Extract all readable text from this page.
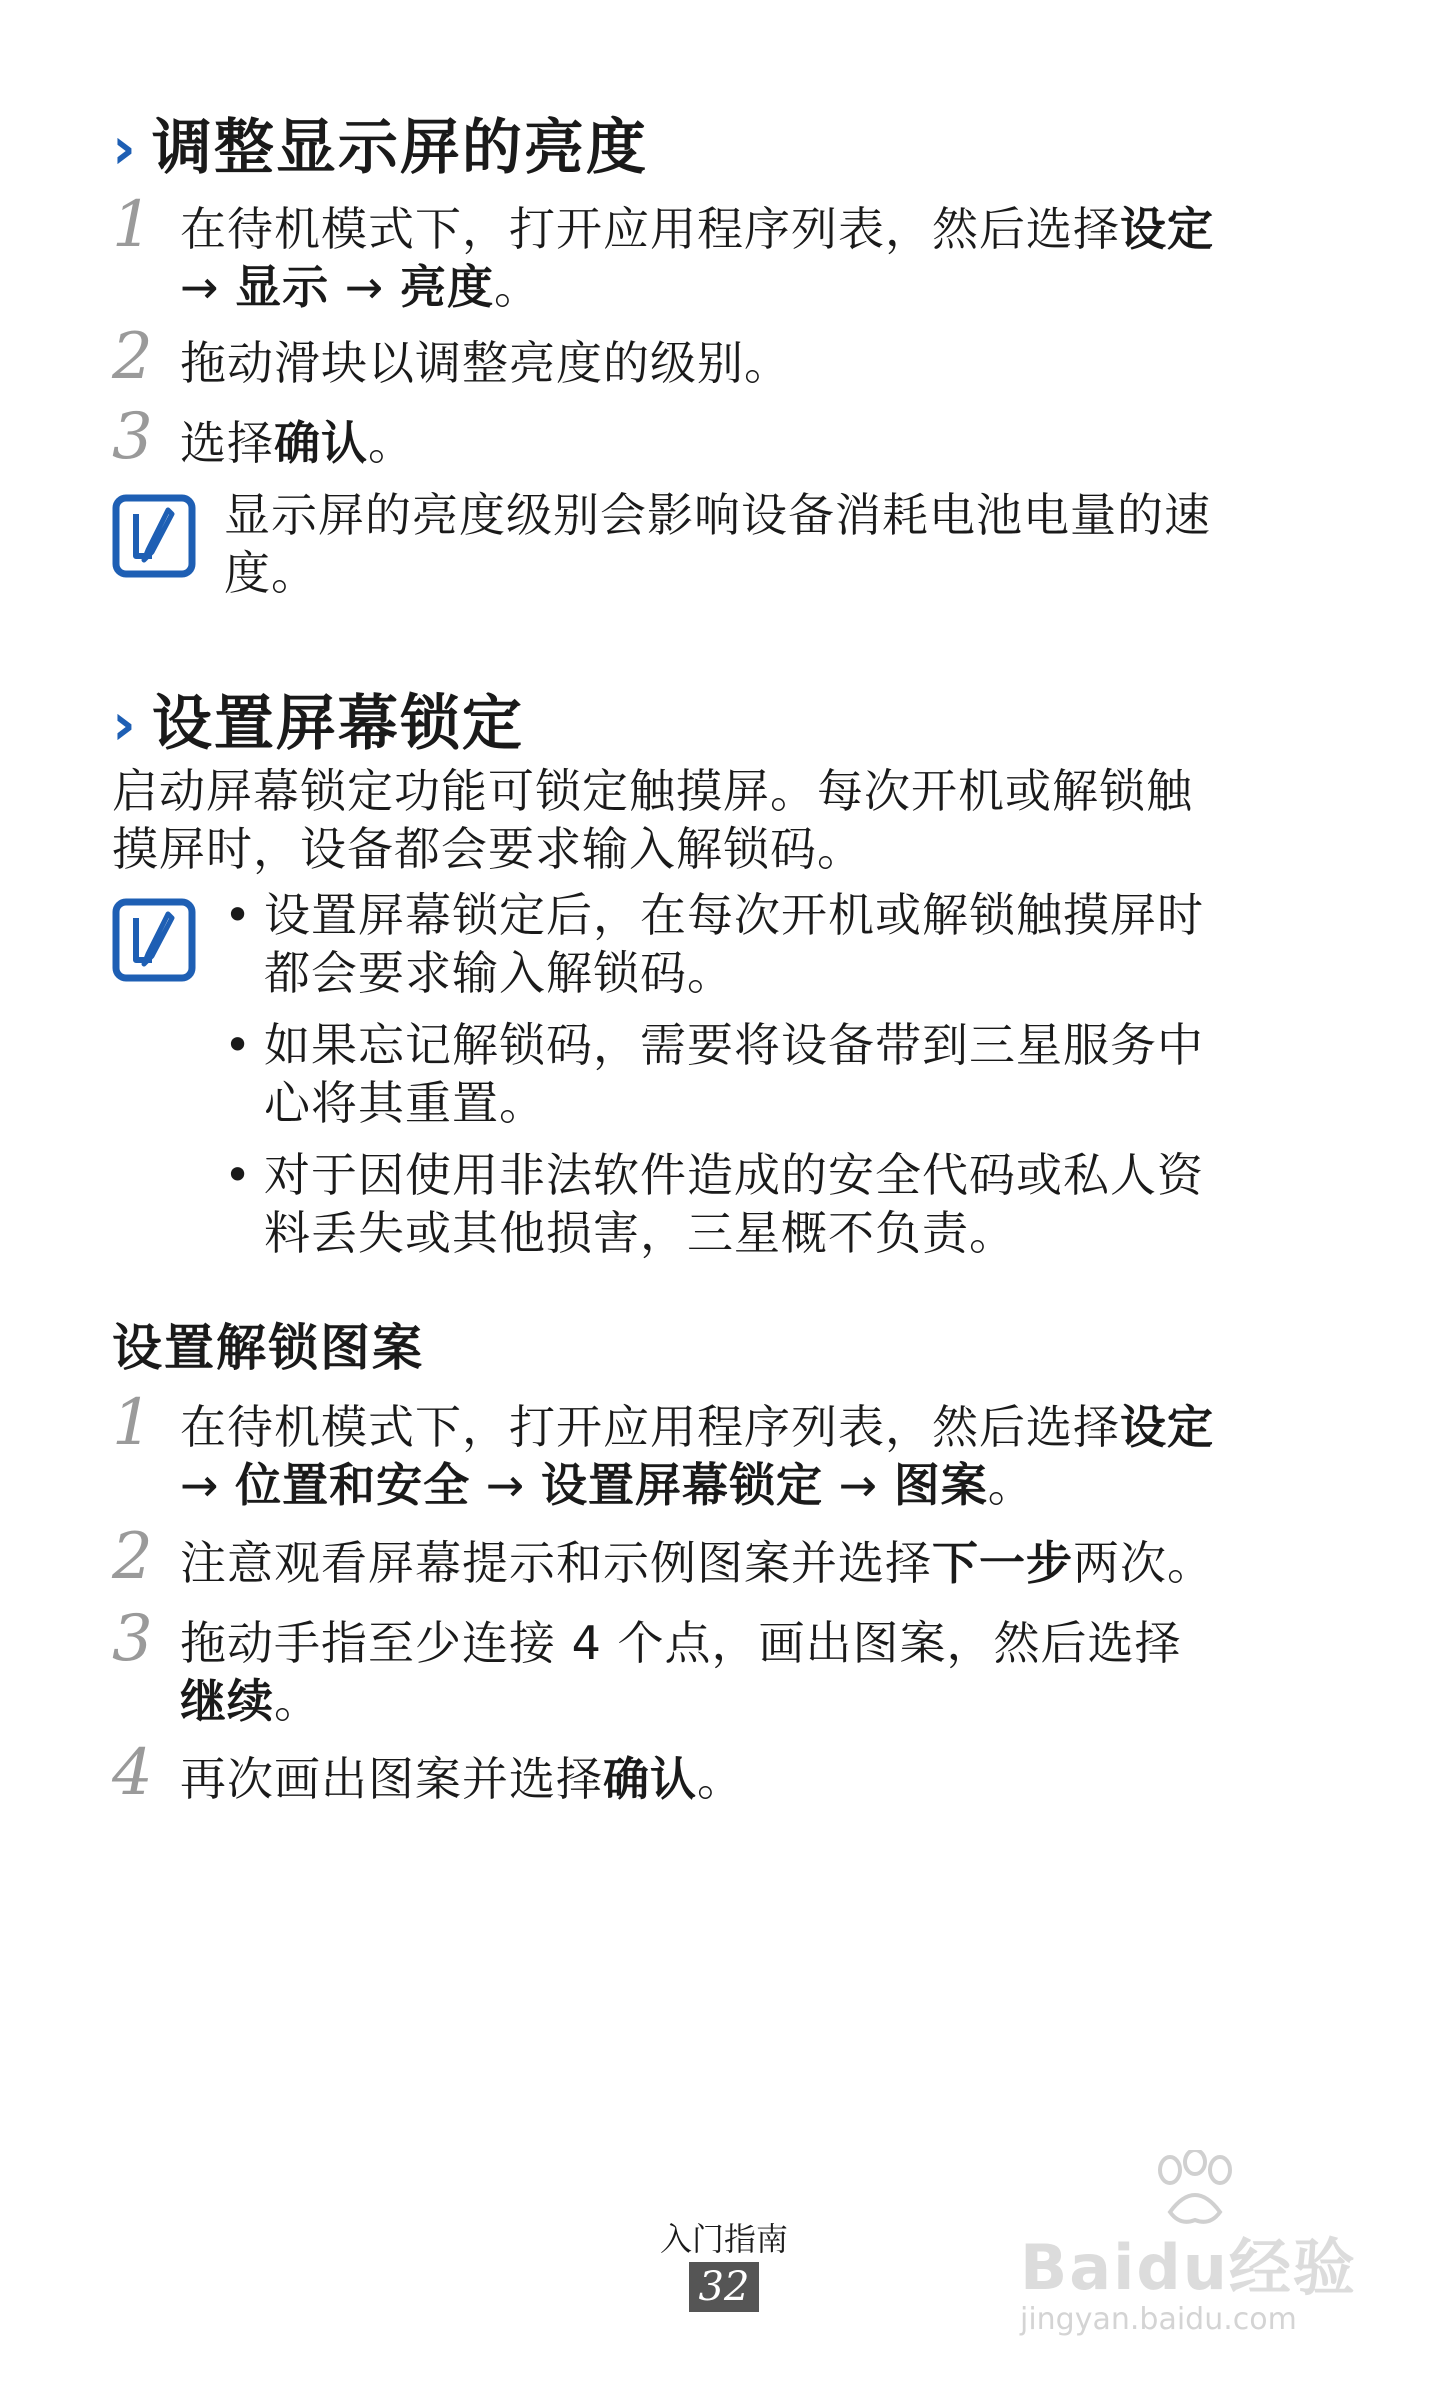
› 调整显示屏的亮度
1 在待机模式下，打开应用程序列表，然后选择设定
→ 显示 → 亮度。
2 拖动滑块以调整亮度的级别。
3 选择确认。
显示屏的亮度级别会影响设备消耗电池电量的速
度。
› 设置屏幕锁定
启动屏幕锁定功能可锁定触摸屏。每次开机或解锁触
摸屏时，设备都会要求输入解锁码。
• 设置屏幕锁定后，在每次开机或解锁触摸屏时
都会要求输入解锁码。
• 如果忘记解锁码，需要将设备带到三星服务中
心将其重置。
• 对于因使用非法软件造成的安全代码或私人资
料丢失或其他损害，三星概不负责。
设置解锁图案
1 在待机模式下，打开应用程序列表，然后选择设定
→ 位置和安全 → 设置屏幕锁定 → 图案。
2 注意观看屏幕提示和示例图案并选择下一步两次。
3 拖动手指至少连接 4 个点，画出图案，然后选择
继续。
4 再次画出图案并选择确认。
入门指南
32	Baidu经验
jingyan.baidu.com
